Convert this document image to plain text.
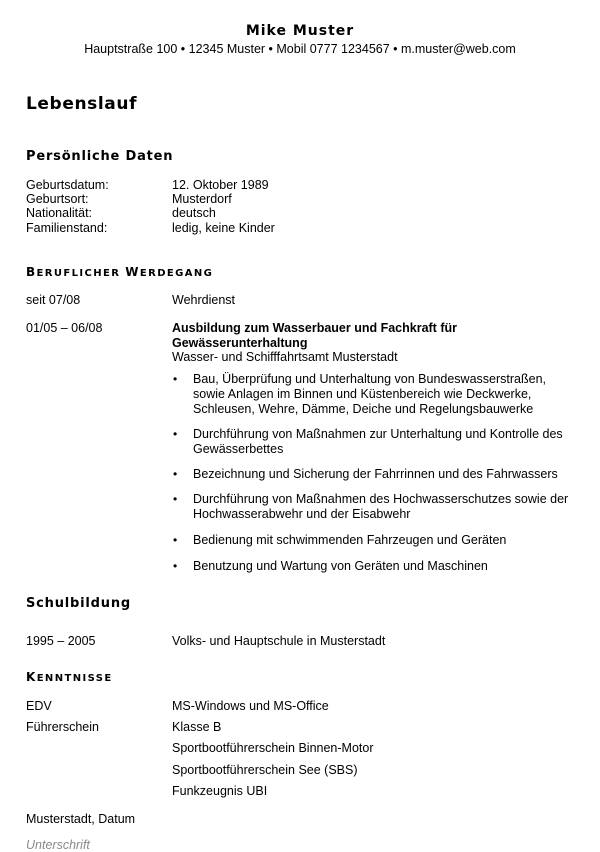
Mike Muster
Hauptstraße 100 • 12345 Muster • Mobil 0777 1234567 • m.muster@web.com
Lebenslauf
Persönliche Daten
Geburtsdatum:	12. Oktober 1989
Geburtsort:	Musterdorf
Nationalität:	deutsch
Familienstand:	ledig, keine Kinder
BERUFLICHER WERDEGANG
seit 07/08	Wehrdienst
01/05 – 06/08	Ausbildung zum Wasserbauer und Fachkraft für
Gewässerunterhaltung
Wasser- und Schifffahrtsamt Musterstadt
• Bau, Überprüfung und Unterhaltung von Bundeswasserstraßen, sowie Anlagen im Binnen und Küstenbereich wie Deckwerke, Schleusen, Wehre, Dämme, Deiche und Regelungsbauwerke
• Durchführung von Maßnahmen zur Unterhaltung und Kontrolle des Gewässerbettes
• Bezeichnung und Sicherung der Fahrrinnen und des Fahrwassers
• Durchführung von Maßnahmen des Hochwasserschutzes sowie der Hochwasserabwehr und der Eisabwehr
• Bedienung mit schwimmenden Fahrzeugen und Geräten
• Benutzung und Wartung von Geräten und Maschinen
Schulbildung
1995 – 2005	Volks- und Hauptschule in Musterstadt
KENNTNISSE
EDV	MS-Windows und MS-Office
Führerschein	Klasse B
Sportbootführerschein Binnen-Motor
Sportbootführerschein See (SBS)
Funkzeugnis UBI
Musterstadt, Datum
Unterschrift
